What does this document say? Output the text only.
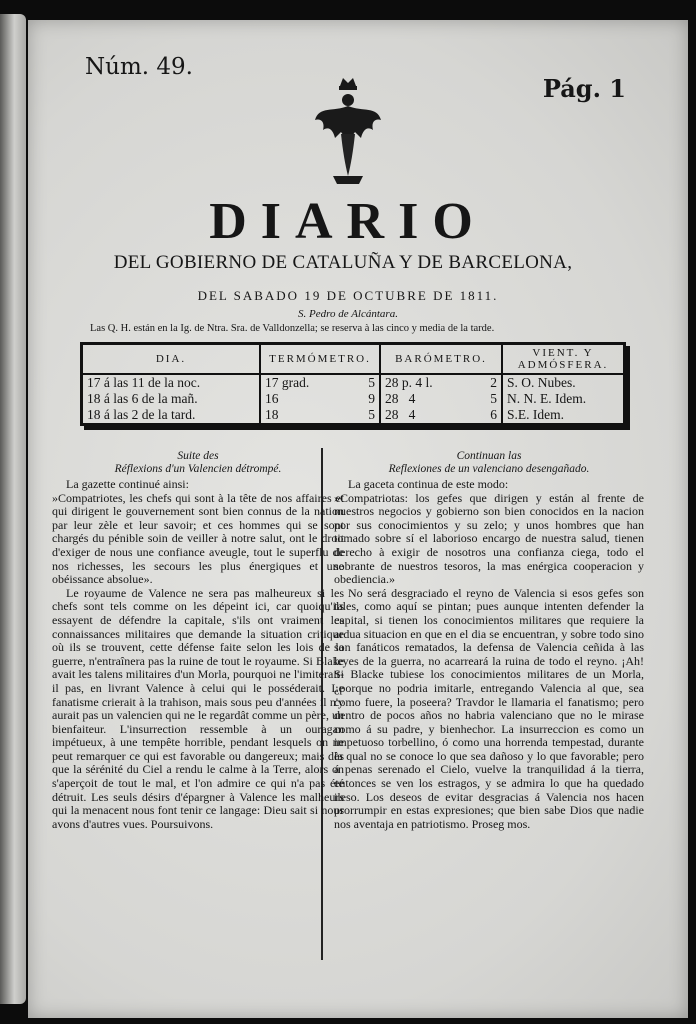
Núm. 49.
Pág. 1
DIARIO
DEL GOBIERNO DE CATALUÑA Y DE BARCELONA,
DEL SABADO 19 DE OCTUBRE DE 1811.
S. Pedro de Alcántara.
Las Q. H. están en la Ig. de Ntra. Sra. de Valldonzella; se reserva à las cinco y media de la tarde.
DIA.	TERMÓMETRO.	BARÓMETRO.	VIENT. Y ADMÓSFERA.
17 á las 11 de la noc.	17 grad. 5	28 p. 4 l. 2	S. O. Nubes.
18 á las 6 de la mañ.	16 9	28   4 5	N. N. E. Idem.
18 á las 2 de la tard.	18 5	28   4 6	S.E. Idem.
Suite des
Réflexions d'un Valencien détrompé.

La gazette continué ainsi:

»Compatriotes, les chefs qui sont à la tête de nos affaires et qui dirigent le gouvernement sont bien connus de la nation par leur zèle et leur savoir; et ces hommes qui se sont chargés du pénible soin de veiller à notre salut, ont le droit d'exiger de nous une confiance aveugle, tout le superflu de nos richesses, les secours les plus énergiques et une obéissance absolue».

Le royaume de Valence ne sera pas malheureux si les chefs sont tels comme on les dépeint ici, car quoiqu'ils essayent de défendre la capitale, s'ils ont vraiment les connaissances militaires que demande la situation critique où ils se trouvent, cette défense faite selon les lois de la guerre, n'entraînera pas la ruine de tout le royaume. Si Blake avait les talens militaires d'un Morla, pourquoi ne l'imiterait-il pas, en livrant Valence à celui qui le posséderait. Le fanatisme crierait à la trahison, mais sous peu d'années il n'y aurait pas un valencien qui ne le regardât comme un père, un bienfaiteur. L'insurrection ressemble à un ouragan impétueux, à une tempête horrible, pendant lesquels on ne peut remarquer ce qui est favorable ou dangereux; mais dès que la sérénité du Ciel a rendu le calme à la Terre, alors on s'aperçoit de tout le mal, et l'on admire ce qui n'a pas été détruit. Les seuls désirs d'épargner à Valence les malheurs qui la menacent nous font tenir ce langage: Dieu sait si nous avons d'autres vues. Poursuivons.

Continuan las
Reflexiones de un valenciano desengañado.

La gaceta continua de este modo:

»Compatriotas: los gefes que dirigen y están al frente de nuestros negocios y gobierno son bien conocidos en la nacion por sus conocimientos y su zelo; y unos hombres que han tomado sobre sí el laborioso encargo de nuestra salud, tienen derecho à exigir de nosotros una confianza ciega, todo el sobrante de nuestros tesoros, la mas enérgica cooperacion y obediencia.»

No será desgraciado el reyno de Valencia si esos gefes son tales, como aquí se pintan; pues aunque intenten defender la capital, si tienen los conocimientos militares que requiere la ardua situacion en que en el dia se encuentran, y sobre todo sino son fanáticos rematados, la defensa de Valencia ceñida à las leyes de la guerra, no acarreará la ruina de todo el reyno. ¡Ah! Si Blacke tubiese los conocimientos militares de un Morla, ¿porque no podria imitarle, entregando Valencia al que, sea como fuere, la poseera? Travdor le llamaria el fanatismo; pero dentro de pocos años no habria valenciano que no le mirase como á su padre, y bienhechor. La insurreccion es como un impetuoso torbellino, ó como una horrenda tempestad, durante la qual no se conoce lo que sea dañoso y lo que favorable; pero á penas serenado el Cielo, vuelve la tranquilidad á la tierra, entonces se ven los estragos, y se admira lo que ha quedado ileso. Los deseos de evitar desgracias á Valencia nos hacen prorrumpir en estas expresiones; que bien sabe Dios que nadie nos aventaja en patriotismo. Proseg mos.
